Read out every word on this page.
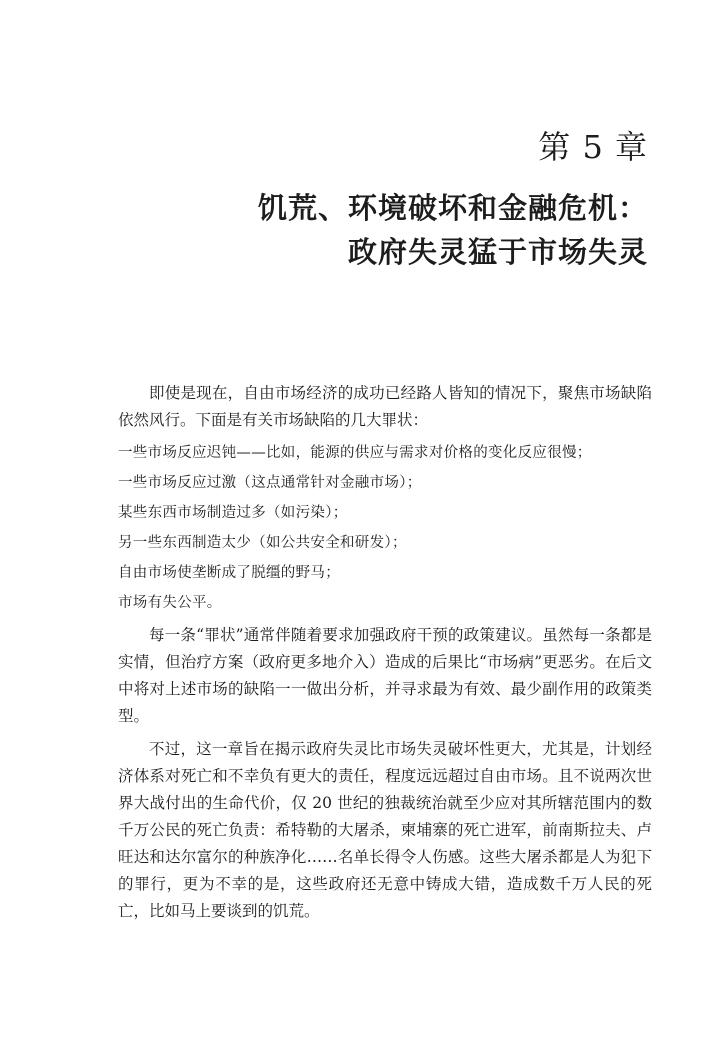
第 5 章
饥荒、环境破坏和金融危机：
政府失灵猛于市场失灵

即使是现在，自由市场经济的成功已经路人皆知的情况下，聚焦市场缺陷依然风行。下面是有关市场缺陷的几大罪状：

一些市场反应迟钝——比如，能源的供应与需求对价格的变化反应很慢；
一些市场反应过激（这点通常针对金融市场）；
某些东西市场制造过多（如污染）；
另一些东西制造太少（如公共安全和研发）；
自由市场使垄断成了脱缰的野马；
市场有失公平。

每一条“罪状”通常伴随着要求加强政府干预的政策建议。虽然每一条都是实情，但治疗方案（政府更多地介入）造成的后果比“市场病”更恶劣。在后文中将对上述市场的缺陷一一做出分析，并寻求最为有效、最少副作用的政策类型。

不过，这一章旨在揭示政府失灵比市场失灵破坏性更大，尤其是，计划经济体系对死亡和不幸负有更大的责任，程度远远超过自由市场。且不说两次世界大战付出的生命代价，仅 20 世纪的独裁统治就至少应对其所辖范围内的数千万公民的死亡负责：希特勒的大屠杀，柬埔寨的死亡进军，前南斯拉夫、卢旺达和达尔富尔的种族净化……名单长得令人伤感。这些大屠杀都是人为犯下的罪行，更为不幸的是，这些政府还无意中铸成大错，造成数千万人民的死亡，比如马上要谈到的饥荒。
